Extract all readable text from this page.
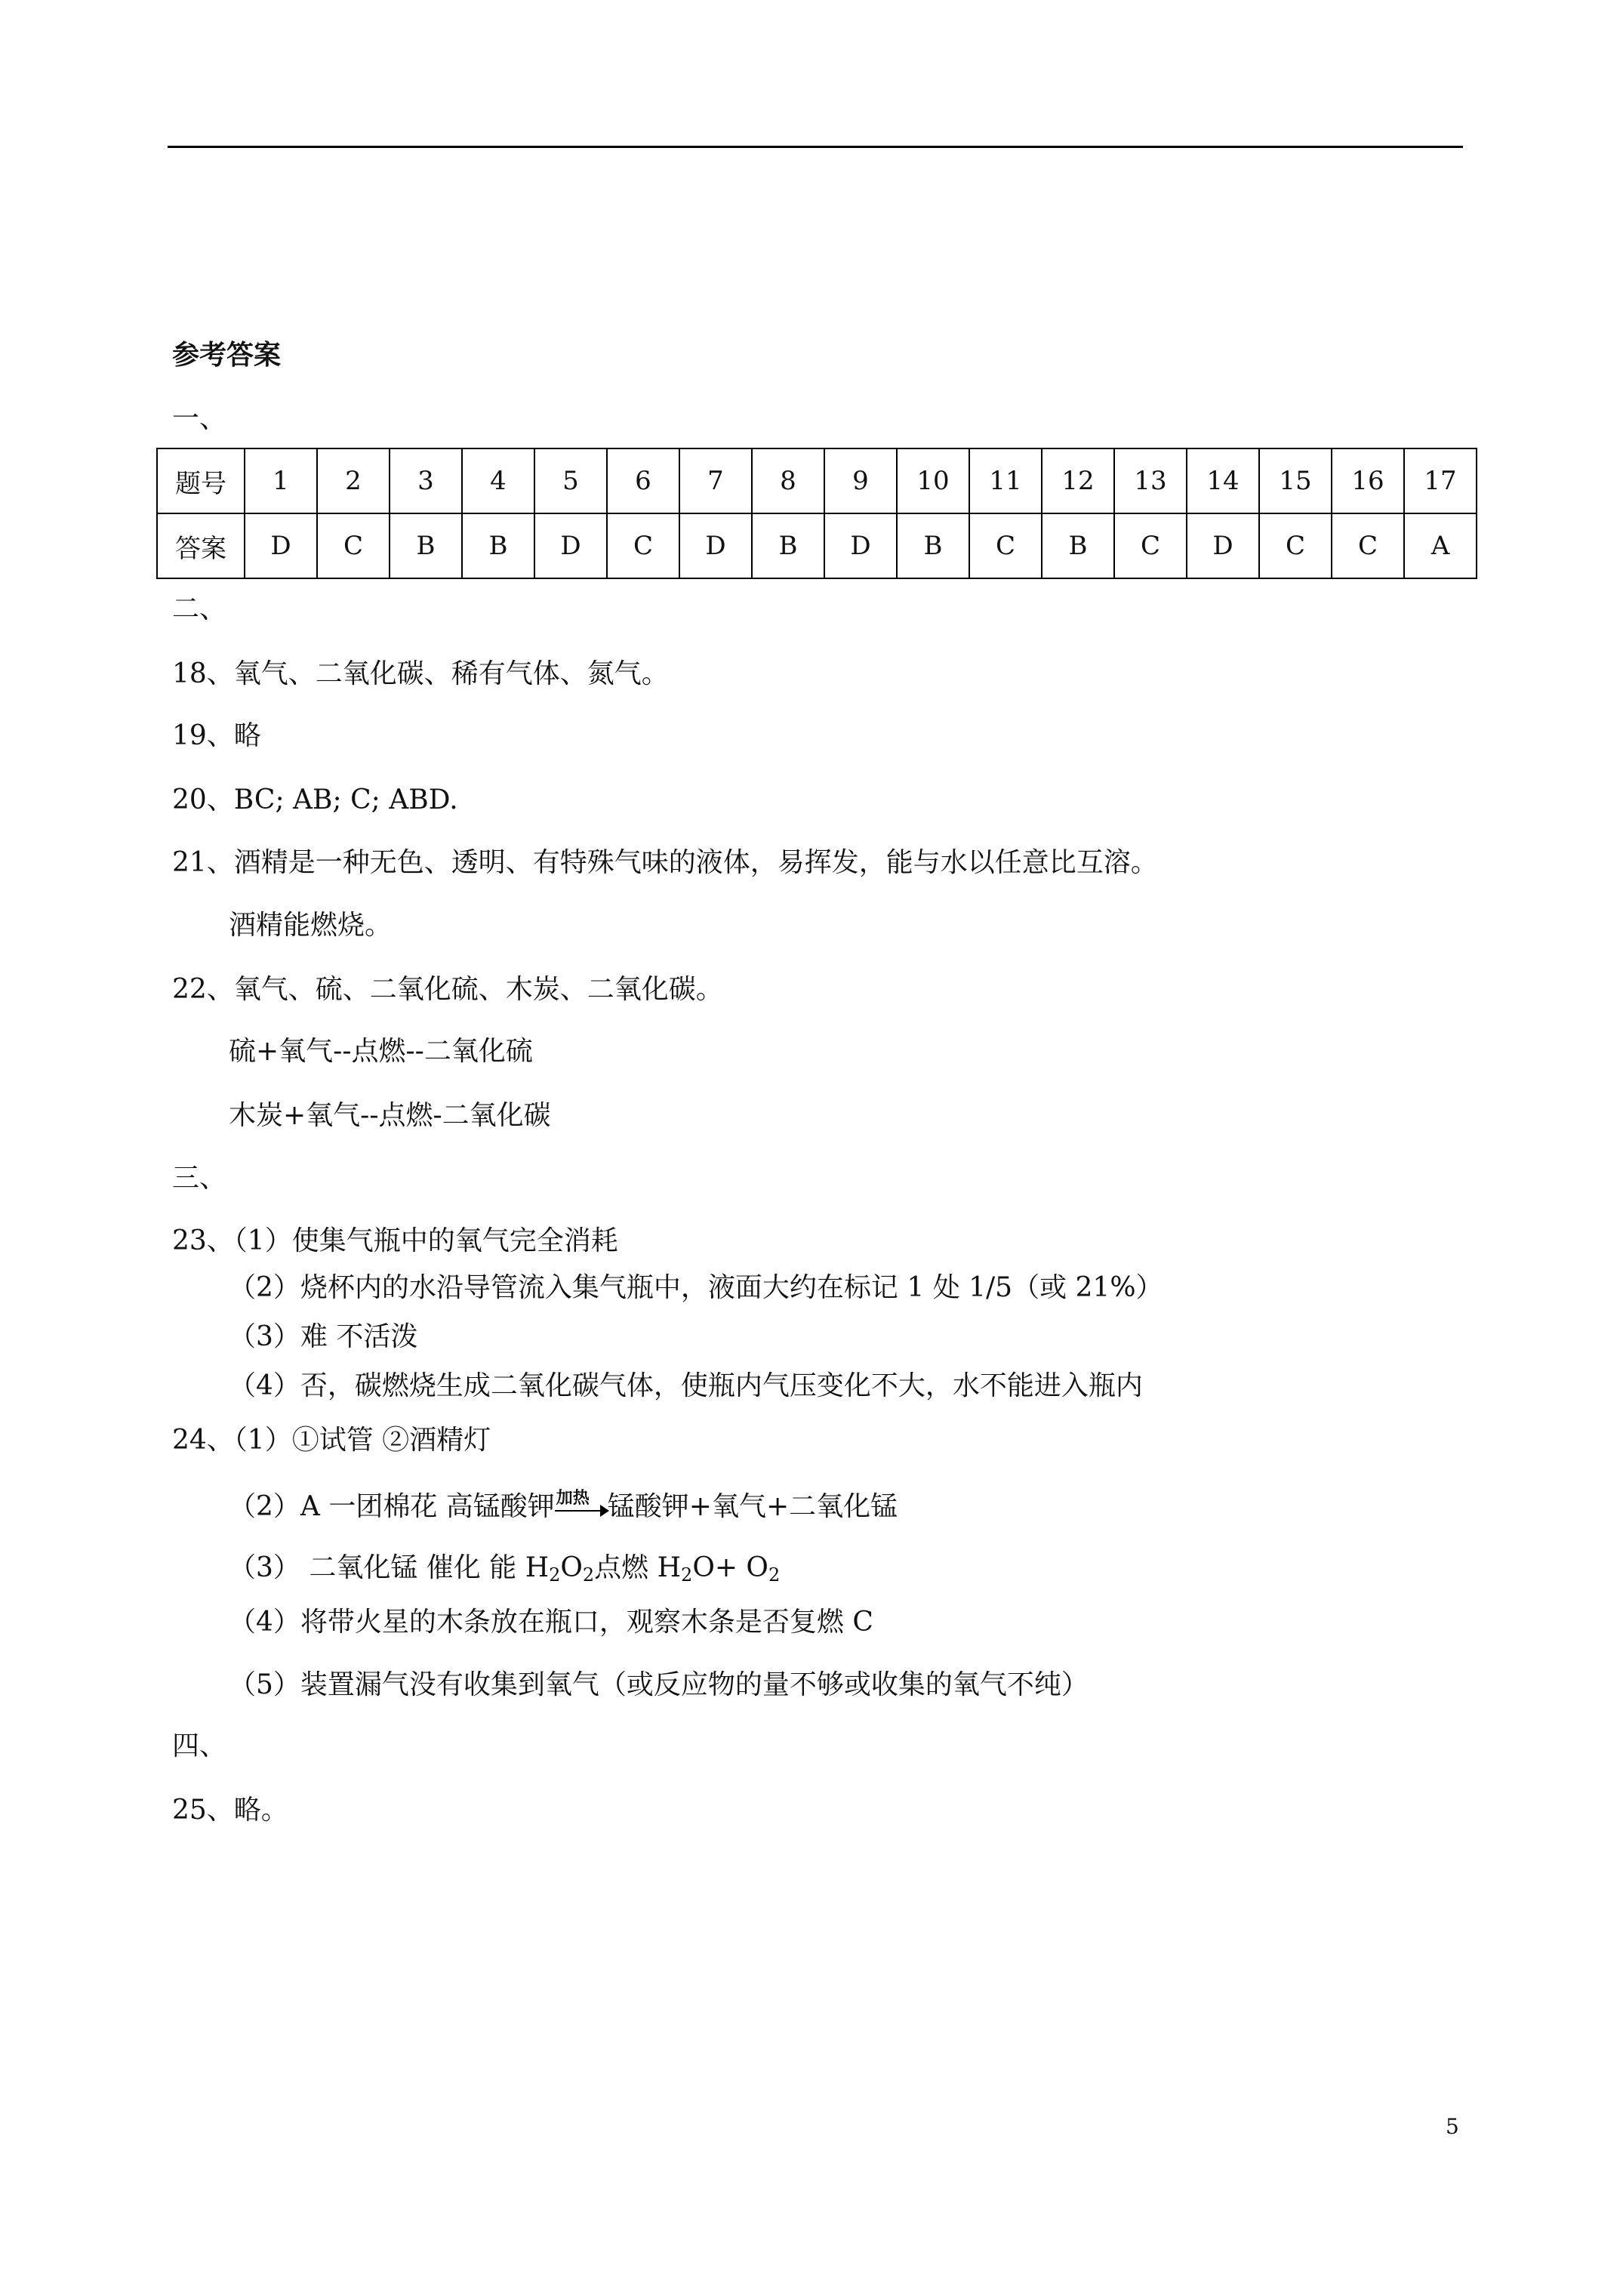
参考答案
一、
题号	1	2	3	4	5	6	7	8	9	10	11	12	13	14	15	16	17
答案	D	C	B	B	D	C	D	B	D	B	C	B	C	D	C	C	A
二、
18、氧气、二氧化碳、稀有气体、氮气。
19、略
20、BC; AB; C; ABD.
21、酒精是一种无色、透明、有特殊气味的液体，易挥发，能与水以任意比互溶。
酒精能燃烧。
22、氧气、硫、二氧化硫、木炭、二氧化碳。
硫+氧气--点燃--二氧化硫
木炭+氧气--点燃-二氧化碳
三、
23、（1）使集气瓶中的氧气完全消耗
（2）烧杯内的水沿导管流入集气瓶中，液面大约在标记 1 处 1/5（或 21%）
（3）难 不活泼
（4）否，碳燃烧生成二氧化碳气体，使瓶内气压变化不大，水不能进入瓶内
24、（1）①试管 ②酒精灯
（2）A 一团棉花 高锰酸钾 加热 锰酸钾+氧气+二氧化锰
（3） 二氧化锰 催化 能 $H_2O_2$点燃 $H_2O+ O_2$
（4）将带火星的木条放在瓶口，观察木条是否复燃 C
（5）装置漏气没有收集到氧气（或反应物的量不够或收集的氧气不纯）
四、
25、略。
5
